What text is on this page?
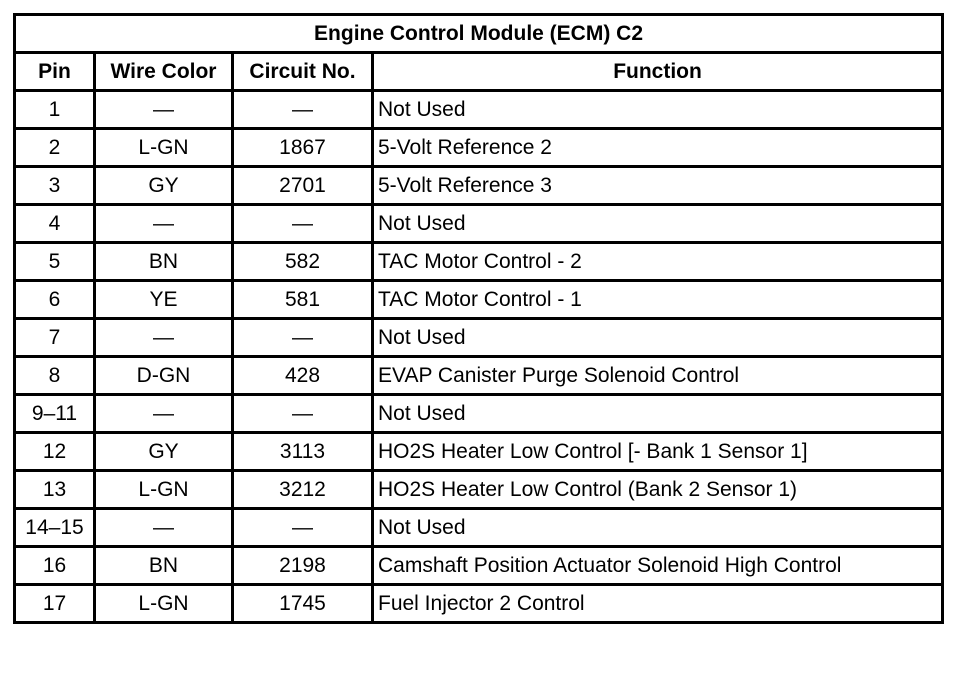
Engine Control Module (ECM) C2			
Pin	Wire Color	Circuit No.	Function
1	—	—	Not Used
2	L-GN	1867	5-Volt Reference 2
3	GY	2701	5-Volt Reference 3
4	—	—	Not Used
5	BN	582	TAC Motor Control - 2
6	YE	581	TAC Motor Control - 1
7	—	—	Not Used
8	D-GN	428	EVAP Canister Purge Solenoid Control
9–11	—	—	Not Used
12	GY	3113	HO2S Heater Low Control [- Bank 1 Sensor 1]
13	L-GN	3212	HO2S Heater Low Control (Bank 2 Sensor 1)
14–15	—	—	Not Used
16	BN	2198	Camshaft Position Actuator Solenoid High Control
17	L-GN	1745	Fuel Injector 2 Control
